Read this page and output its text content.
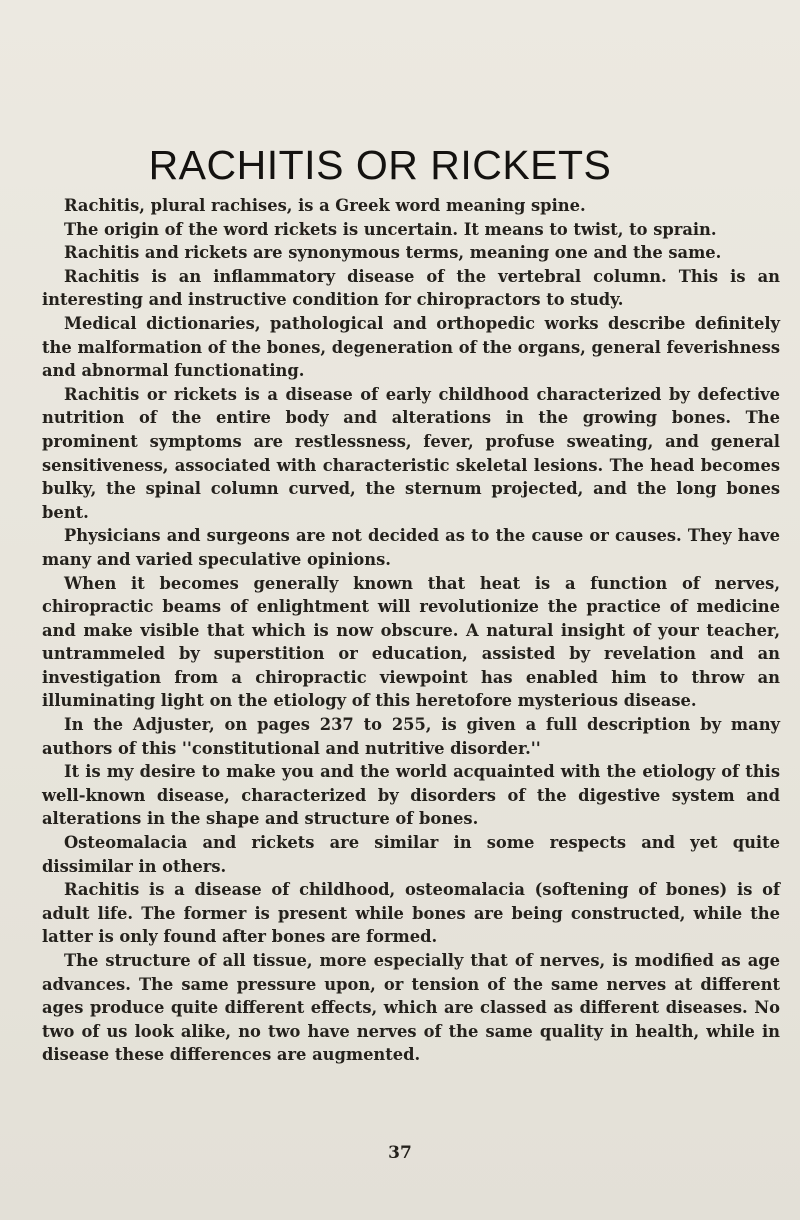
RACHITIS OR RICKETS

Rachitis, plural rachises, is a Greek word meaning spine.

The origin of the word rickets is uncertain. It means to twist, to sprain.

Rachitis and rickets are synonymous terms, meaning one and the same.

Rachitis is an inflammatory disease of the vertebral column. This is an interesting and instructive condition for chiropractors to study.

Medical dictionaries, pathological and orthopedic works describe definitely the malformation of the bones, degeneration of the organs, general feverishness and abnormal functionating.

Rachitis or rickets is a disease of early childhood characterized by defective nutrition of the entire body and alterations in the growing bones. The prominent symptoms are restlessness, fever, profuse sweating, and general sensitiveness, associated with characteristic skeletal lesions. The head becomes bulky, the spinal column curved, the sternum projected, and the long bones bent.

Physicians and surgeons are not decided as to the cause or causes. They have many and varied speculative opinions.

When it becomes generally known that heat is a function of nerves, chiropractic beams of enlightment will revolutionize the practice of medicine and make visible that which is now obscure. A natural insight of your teacher, untrammeled by superstition or education, assisted by revelation and an investigation from a chiropractic viewpoint has enabled him to throw an illuminating light on the etiology of this heretofore mysterious disease.

In the Adjuster, on pages 237 to 255, is given a full description by many authors of this ''constitutional and nutritive disorder.''

It is my desire to make you and the world acquainted with the etiology of this well-known disease, characterized by disorders of the digestive system and alterations in the shape and structure of bones.

Osteomalacia and rickets are similar in some respects and yet quite dissimilar in others.

Rachitis is a disease of childhood, osteomalacia (softening of bones) is of adult life. The former is present while bones are being constructed, while the latter is only found after bones are formed.

The structure of all tissue, more especially that of nerves, is modified as age advances. The same pressure upon, or tension of the same nerves at different ages produce quite different effects, which are classed as different diseases. No two of us look alike, no two have nerves of the same quality in health, while in disease these differences are augmented.

37
